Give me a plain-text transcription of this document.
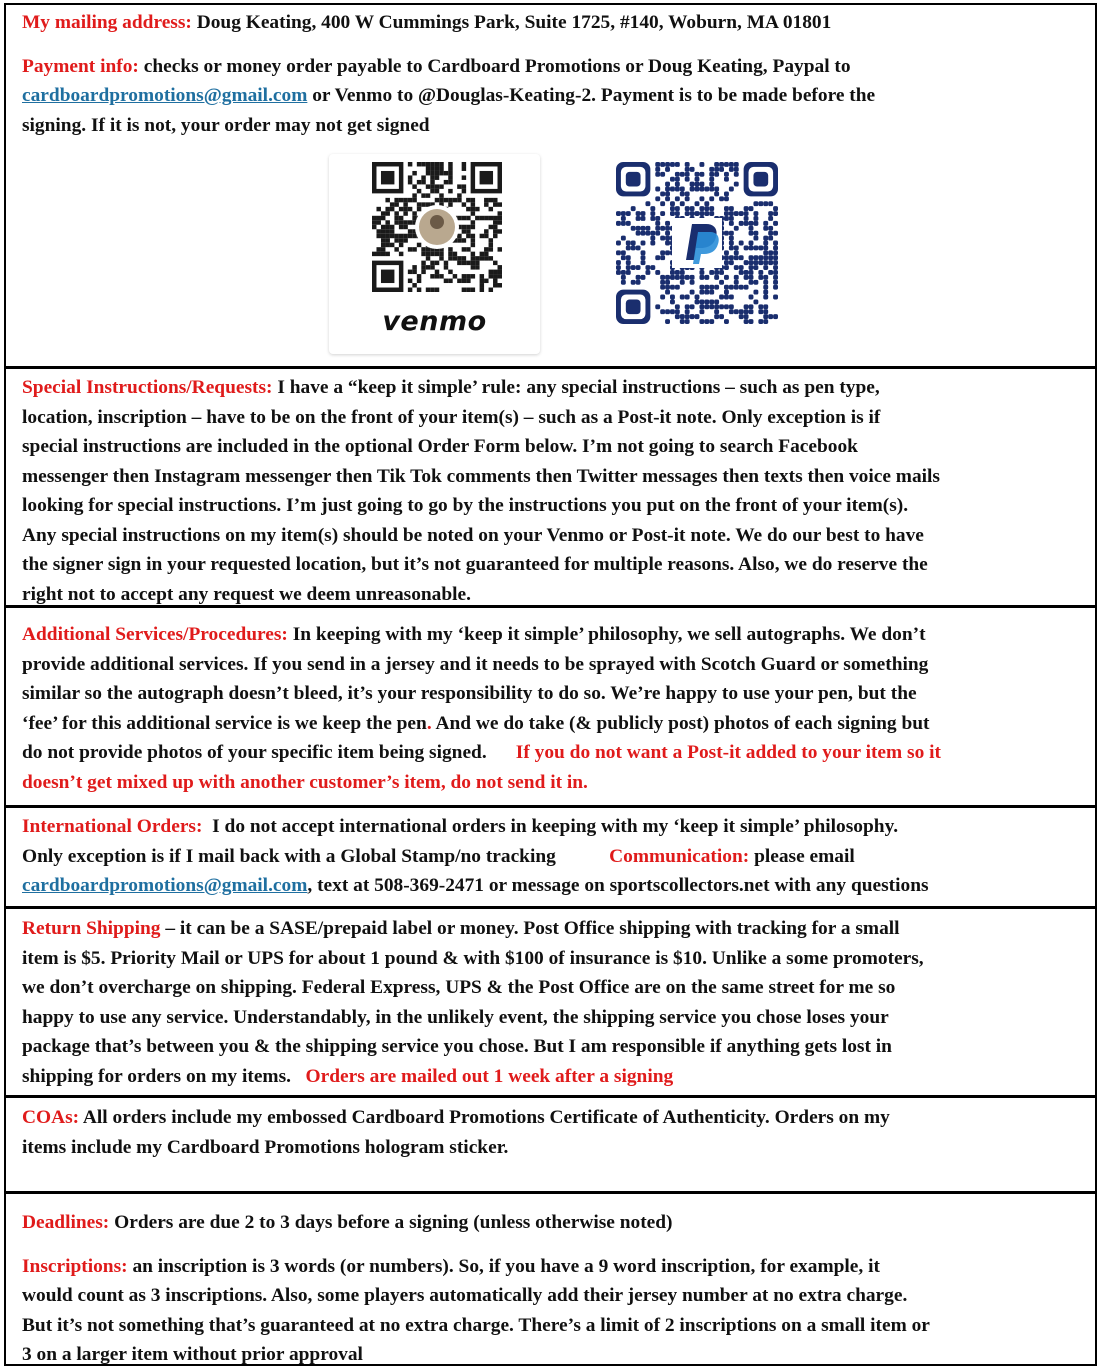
My mailing address: Doug Keating, 400 W Cummings Park, Suite 1725, #140, Woburn, MA 01801

Payment info: checks or money order payable to Cardboard Promotions or Doug Keating, Paypal to
cardboardpromotions@gmail.com or Venmo to @Douglas-Keating-2. Payment is to be made before the
signing. If it is not, your order may not get signed

venmo

Special Instructions/Requests: I have a “keep it simple’ rule: any special instructions – such as pen type,
location, inscription – have to be on the front of your item(s) – such as a Post-it note. Only exception is if
special instructions are included in the optional Order Form below. I’m not going to search Facebook
messenger then Instagram messenger then Tik Tok comments then Twitter messages then texts then voice mails
looking for special instructions. I’m just going to go by the instructions you put on the front of your item(s).
Any special instructions on my item(s) should be noted on your Venmo or Post-it note. We do our best to have
the signer sign in your requested location, but it’s not guaranteed for multiple reasons. Also, we do reserve the
right not to accept any request we deem unreasonable.

Additional Services/Procedures: In keeping with my ‘keep it simple’ philosophy, we sell autographs. We don’t
provide additional services. If you send in a jersey and it needs to be sprayed with Scotch Guard or something
similar so the autograph doesn’t bleed, it’s your responsibility to do so. We’re happy to use your pen, but the
‘fee’ for this additional service is we keep the pen. And we do take (& publicly post) photos of each signing but
do not provide photos of your specific item being signed. If you do not want a Post-it added to your item so it
doesn’t get mixed up with another customer’s item, do not send it in.

International Orders: I do not accept international orders in keeping with my ‘keep it simple’ philosophy.
Only exception is if I mail back with a Global Stamp/no tracking	Communication: please email
cardboardpromotions@gmail.com, text at 508-369-2471 or message on sportscollectors.net with any questions

Return Shipping – it can be a SASE/prepaid label or money. Post Office shipping with tracking for a small
item is $5. Priority Mail or UPS for about 1 pound & with $100 of insurance is $10. Unlike a some promoters,
we don’t overcharge on shipping. Federal Express, UPS & the Post Office are on the same street for me so
happy to use any service. Understandably, in the unlikely event, the shipping service you chose loses your
package that’s between you & the shipping service you chose. But I am responsible if anything gets lost in
shipping for orders on my items. Orders are mailed out 1 week after a signing

COAs: All orders include my embossed Cardboard Promotions Certificate of Authenticity. Orders on my
items include my Cardboard Promotions hologram sticker.

Deadlines: Orders are due 2 to 3 days before a signing (unless otherwise noted)

Inscriptions: an inscription is 3 words (or numbers). So, if you have a 9 word inscription, for example, it
would count as 3 inscriptions. Also, some players automatically add their jersey number at no extra charge.
But it’s not something that’s guaranteed at no extra charge. There’s a limit of 2 inscriptions on a small item or
3 on a larger item without prior approval
